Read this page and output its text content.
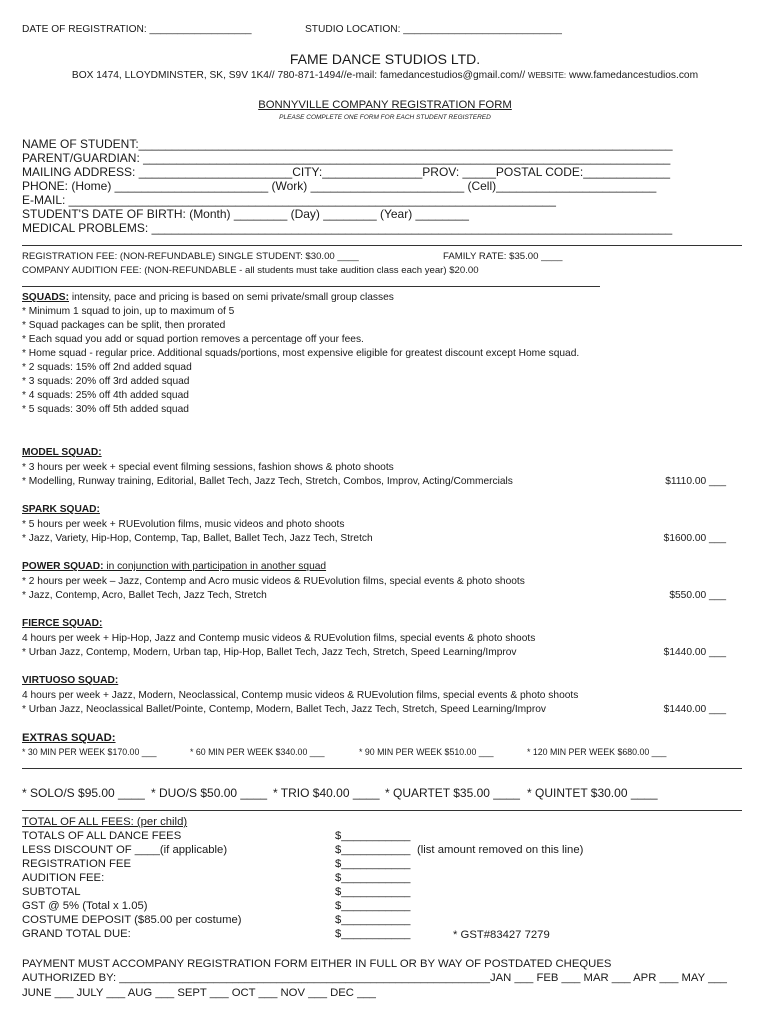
DATE OF REGISTRATION: __________________	STUDIO LOCATION: ____________________________
FAME DANCE STUDIOS LTD.
BOX 1474, LLOYDMINSTER, SK, S9V 1K4// 780-871-1494//e-mail: famedancestudios@gmail.com// WEBSITE: www.famedancestudios.com
BONNYVILLE COMPANY REGISTRATION FORM
PLEASE COMPLETE ONE FORM FOR EACH STUDENT REGISTERED
NAME OF STUDENT:________________________________________________________________________________
PARENT/GUARDIAN: _______________________________________________________________________________
MAILING ADDRESS: _______________________CITY:_______________PROV: _____POSTAL CODE:_____________
PHONE: (Home) _______________________ (Work) _______________________ (Cell)________________________
E-MAIL: _________________________________________________________________________
STUDENT'S DATE OF BIRTH: (Month) ________ (Day) ________ (Year) ________
MEDICAL PROBLEMS: ______________________________________________________________________________
REGISTRATION FEE: (NON-REFUNDABLE) SINGLE STUDENT: $30.00 ____	FAMILY RATE: $35.00 ____
COMPANY AUDITION FEE: (NON-REFUNDABLE - all students must take audition class each year) $20.00
SQUADS: intensity, pace and pricing is based on semi private/small group classes
* Minimum 1 squad to join, up to maximum of 5
* Squad packages can be split, then prorated
* Each squad you add or squad portion removes a percentage off your fees.
* Home squad - regular price. Additional squads/portions, most expensive eligible for greatest discount except Home squad.
* 2 squads: 15% off 2nd added squad
* 3 squads: 20% off 3rd added squad
* 4 squads: 25% off 4th added squad
* 5 squads: 30% off 5th added squad
MODEL SQUAD:
* 3 hours per week + special event filming sessions, fashion shows & photo shoots
* Modelling, Runway training, Editorial, Ballet Tech, Jazz Tech, Stretch, Combos, Improv, Acting/Commercials	$1110.00 ___
SPARK SQUAD:
* 5 hours per week + RUEvolution films, music videos and photo shoots
* Jazz, Variety, Hip-Hop, Contemp, Tap, Ballet, Ballet Tech, Jazz Tech, Stretch	$1600.00 ___
POWER SQUAD: in conjunction with participation in another squad
* 2 hours per week – Jazz, Contemp and Acro music videos & RUEvolution films, special events & photo shoots
* Jazz, Contemp, Acro, Ballet Tech, Jazz Tech, Stretch	$550.00 ___
FIERCE SQUAD:
4 hours per week + Hip-Hop, Jazz and Contemp music videos & RUEvolution films, special events & photo shoots
* Urban Jazz, Contemp, Modern, Urban tap, Hip-Hop, Ballet Tech, Jazz Tech, Stretch, Speed Learning/Improv	$1440.00 ___
VIRTUOSO SQUAD:
4 hours per week + Jazz, Modern, Neoclassical, Contemp music videos & RUEvolution films, special events & photo shoots
* Urban Jazz, Neoclassical Ballet/Pointe, Contemp, Modern, Ballet Tech, Jazz Tech, Stretch, Speed Learning/Improv	$1440.00 ___
EXTRAS SQUAD:
* 30 MIN PER WEEK $170.00 ___	* 60 MIN PER WEEK $340.00 ___	* 90 MIN PER WEEK $510.00 ___	* 120 MIN PER WEEK $680.00 ___
* SOLO/S $95.00 ____ * DUO/S $50.00 ____ * TRIO $40.00 ____ * QUARTET $35.00 ____ * QUINTET $30.00 ____
TOTAL OF ALL FEES: (per child)
TOTALS OF ALL DANCE FEES	$___________
LESS DISCOUNT OF ____(if applicable)	$___________ (list amount removed on this line)
REGISTRATION FEE	$___________
AUDITION FEE:	$___________
SUBTOTAL	$___________
GST @ 5% (Total x 1.05)	$___________
COSTUME DEPOSIT ($85.00 per costume)	$___________
GRAND TOTAL DUE:	$___________	* GST#83427 7279
PAYMENT MUST ACCOMPANY REGISTRATION FORM EITHER IN FULL OR BY WAY OF POSTDATED CHEQUES
AUTHORIZED BY: ___________________________________________________________JAN ___ FEB ___ MAR ___ APR ___ MAY ___
JUNE ___ JULY ___ AUG ___ SEPT ___ OCT ___ NOV ___ DEC ___
